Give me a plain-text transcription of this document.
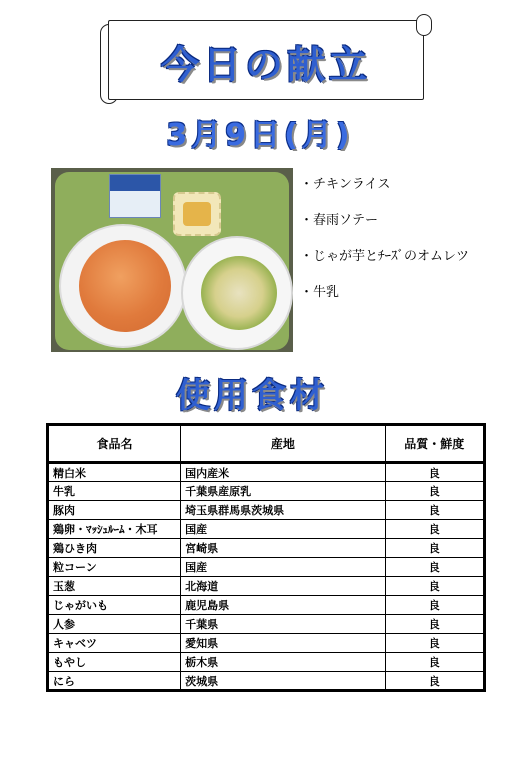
今日の献立
3月9日(月)
・チキンライス
・春雨ソテー
・じゃが芋とﾁｰｽﾞのオムレツ
・牛乳
使用食材
食品名	産地	品質・鮮度
精白米	国内産米	良
牛乳	千葉県産原乳	良
豚肉	埼玉県群馬県茨城県	良
鶏卵・ﾏｯｼｭﾙｰﾑ・木耳	国産	良
鶏ひき肉	宮崎県	良
粒コーン	国産	良
玉葱	北海道	良
じゃがいも	鹿児島県	良
人参	千葉県	良
キャベツ	愛知県	良
もやし	栃木県	良
にら	茨城県	良
